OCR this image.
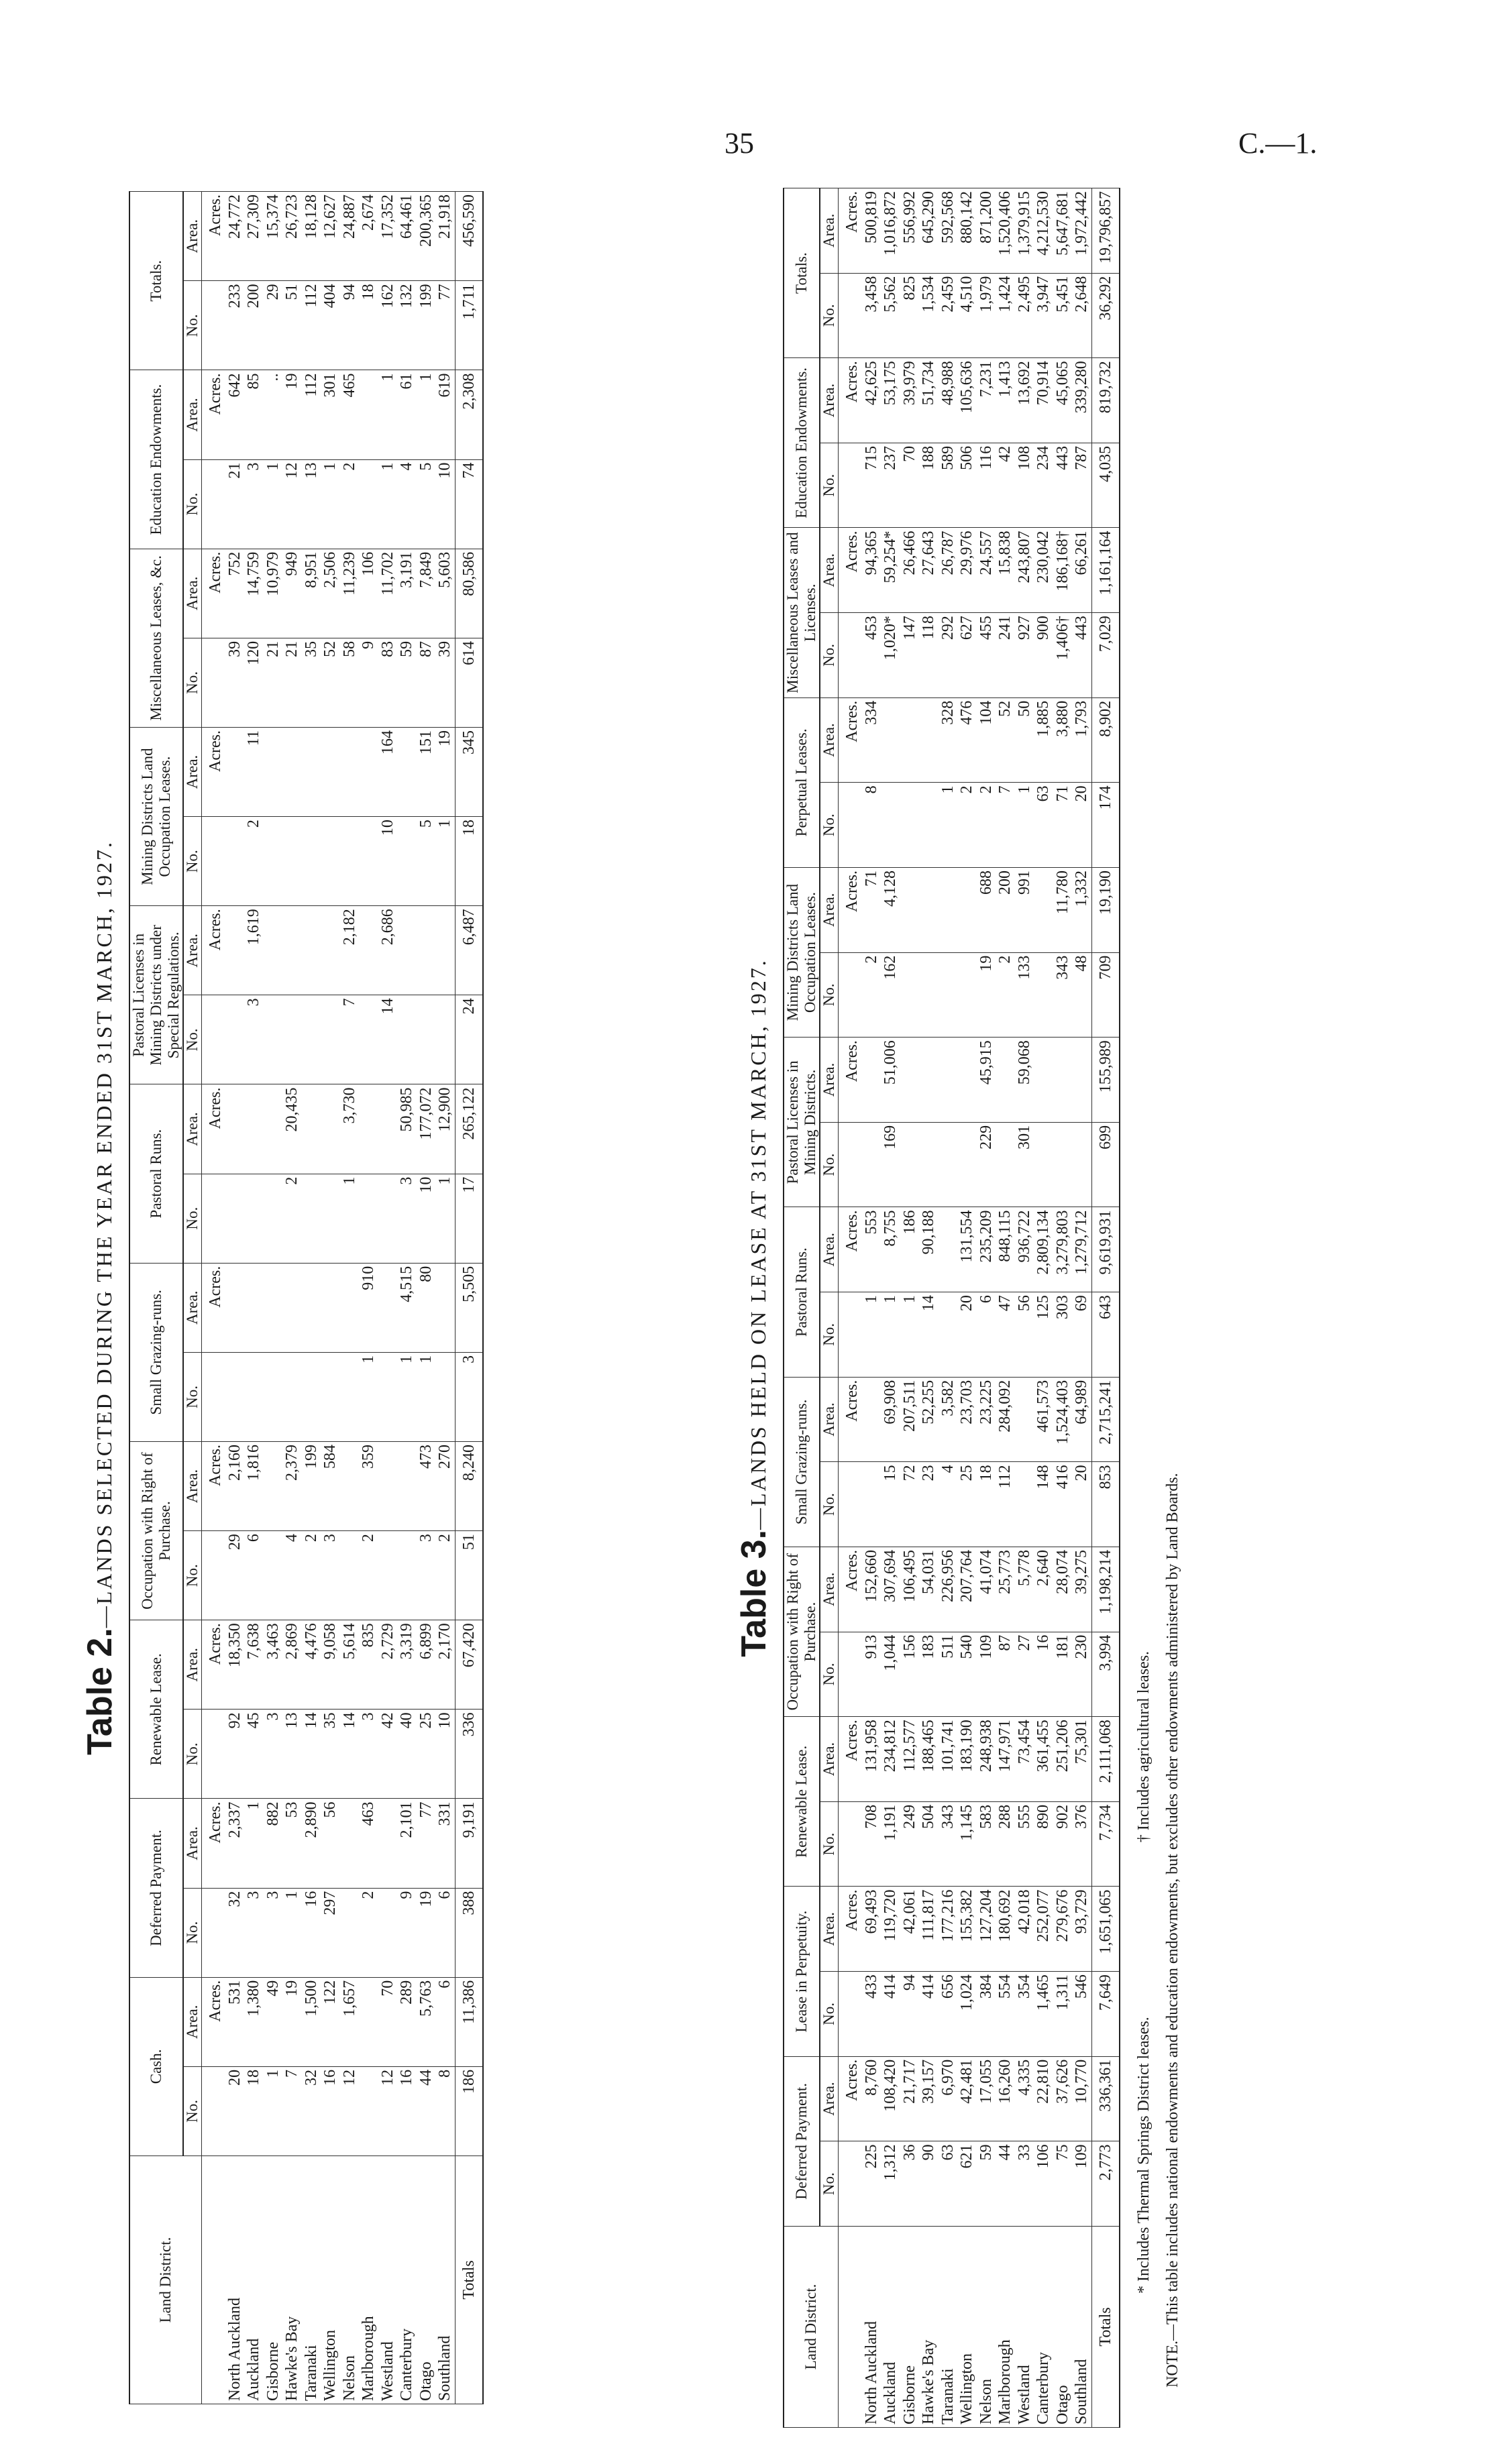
35	C.—1.
Table 2.—LANDS SELECTED DURING THE YEAR ENDED 31ST MARCH, 1927.
Land District.	Cash.		Deferred Payment.		Renewable Lease.		Occupation with Right of Purchase.		Small Grazing-runs.		Pastoral Runs.		Pastoral Licenses in Mining Districts under Special Regulations.		Mining Districts Land Occupation Leases.		Miscellaneous Leases, &c.		Education Endowments.		Totals.	
	No.	Area.	No.	Area.	No.	Area.	No.	Area.	No.	Area.	No.	Area.	No.	Area.	No.	Area.	No.	Area.	No.	Area.	No.	Area.
		Acres.		Acres.		Acres.		Acres.		Acres.		Acres.		Acres.		Acres.		Acres.		Acres.		Acres.
North Auckland	20	531	32	2,337	92	18,350	29	2,160									39	752	21	642	233	24,772
Auckland	18	1,380	3	1	45	7,638	6	1,816					3	1,619	2	11	120	14,759	3	85	200	27,309
Gisborne	1	49	3	882	3	3,463											21	10,979	1	..	29	15,374
Hawke's Bay	7	19	1	53	13	2,869	4	2,379			2	20,435					21	949	12	19	51	26,723
Taranaki	32	1,500	16	2,890	14	4,476	2	199									35	8,951	13	112	112	18,128
Wellington	16	122	297	56	35	9,058	3	584									52	2,506	1	301	404	12,627
Nelson	12	1,657			14	5,614					1	3,730	7	2,182			58	11,239	2	465	94	24,887
Marlborough			2	463	3	835	2	359	1	910							9	106			18	2,674
Westland	12	70			42	2,729							14	2,686	10	164	83	11,702	1	1	162	17,352
Canterbury	16	289	9	2,101	40	3,319			1	4,515	3	50,985					59	3,191	4	61	132	64,461
Otago	44	5,763	19	77	25	6,899	3	473	1	80	10	177,072			5	151	87	7,849	5	1	199	200,365
Southland	8	6	6	331	10	2,170	2	270			1	12,900			1	19	39	5,603	10	619	77	21,918
Totals	186	11,386	388	9,191	336	67,420	51	8,240	3	5,505	17	265,122	24	6,487	18	345	614	80,586	74	2,308	1,711	456,590
Table 3.—LANDS HELD ON LEASE AT 31ST MARCH, 1927.
Land District.	Deferred Payment.		Lease in Perpetuity.		Renewable Lease.		Occupation with Right of Purchase.		Small Grazing-runs.		Pastoral Runs.		Pastoral Licenses in Mining Districts.		Mining Districts Land Occupation Leases.		Perpetual Leases.		Miscellaneous Leases and Licenses.		Education Endowments.		Totals.	
	No.	Area.	No.	Area.	No.	Area.	No.	Area.	No.	Area.	No.	Area.	No.	Area.	No.	Area.	No.	Area.	No.	Area.	No.	Area.	No.	Area.
		Acres.		Acres.		Acres.		Acres.		Acres.		Acres.		Acres.		Acres.		Acres.		Acres.		Acres.		Acres.
North Auckland	225	8,760	433	69,493	708	131,958	913	152,660			1	553			2	71	8	334	453	94,365	715	42,625	3,458	500,819
Auckland	1,312	108,420	414	119,720	1,191	234,812	1,044	307,694	15	69,908	1	8,755	169	51,006	162	4,128			1,020*	59,254*	237	53,175	5,562	1,016,872
Gisborne	36	21,717	94	42,061	249	112,577	156	106,495	72	207,511	1	186							147	26,466	70	39,979	825	556,992
Hawke's Bay	90	39,157	414	111,817	504	188,465	183	54,031	23	52,255	14	90,188							118	27,643	188	51,734	1,534	645,290
Taranaki	63	6,970	656	177,216	343	101,741	511	226,956	4	3,582							1	328	292	26,787	589	48,988	2,459	592,568
Wellington	621	42,481	1,024	155,382	1,145	183,190	540	207,764	25	23,703	20	131,554					2	476	627	29,976	506	105,636	4,510	880,142
Nelson	59	17,055	384	127,204	583	248,938	109	41,074	18	23,225	6	235,209	229	45,915	19	688	2	104	455	24,557	116	7,231	1,979	871,200
Marlborough	44	16,260	554	180,692	288	147,971	87	25,773	112	284,092	47	848,115			2	200	7	52	241	15,838	42	1,413	1,424	1,520,406
Westland	33	4,335	354	42,018	555	73,454	27	5,778			56	936,722	301	59,068	133	991	1	50	927	243,807	108	13,692	2,495	1,379,915
Canterbury	106	22,810	1,465	252,077	890	361,455	16	2,640	148	461,573	125	2,809,134					63	1,885	900	230,042	234	70,914	3,947	4,212,530
Otago	75	37,626	1,311	279,676	902	251,206	181	28,074	416	1,524,403	303	3,279,803			343	11,780	71	3,880	1,406†	186,168†	443	45,065	5,451	5,647,681
Southland	109	10,770	546	93,729	376	75,301	230	39,275	20	64,989	69	1,279,712			48	1,332	20	1,793	443	66,261	787	339,280	2,648	1,972,442
Totals	2,773	336,361	7,649	1,651,065	7,734	2,111,068	3,994	1,198,214	853	2,715,241	643	9,619,931	699	155,989	709	19,190	174	8,902	7,029	1,161,164	4,035	819,732	36,292	19,796,857
* Includes Thermal Springs District leases.
† Includes agricultural leases. NOTE.—This table includes national endowments and education endowments, but excludes other endowments administered by Land Boards.
